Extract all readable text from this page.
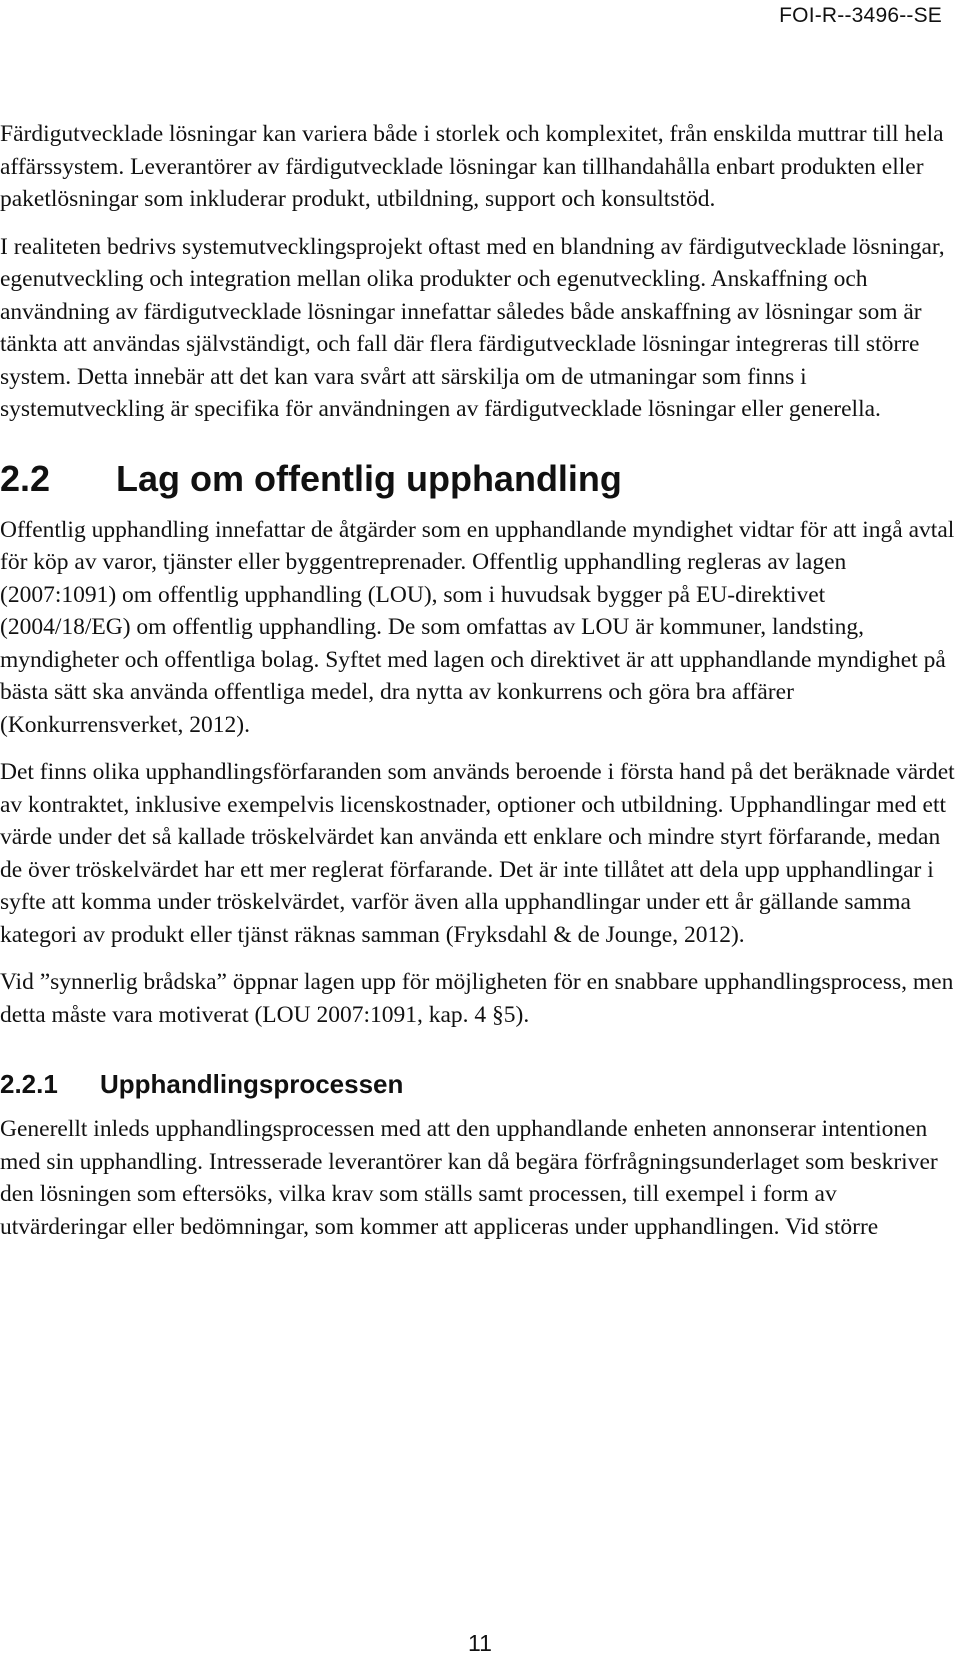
FOI-R--3496--SE

Färdigutvecklade lösningar kan variera både i storlek och komplexitet, från enskilda muttrar till hela affärssystem. Leverantörer av färdigutvecklade lösningar kan tillhandahålla enbart produkten eller paketlösningar som inkluderar produkt, utbildning, support och konsultstöd.

I realiteten bedrivs systemutvecklingsprojekt oftast med en blandning av färdigutvecklade lösningar, egenutveckling och integration mellan olika produkter och egenutveckling. Anskaffning och användning av färdigutvecklade lösningar innefattar således både anskaffning av lösningar som är tänkta att användas självständigt, och fall där flera färdigutvecklade lösningar integreras till större system. Detta innebär att det kan vara svårt att särskilja om de utmaningar som finns i systemutveckling är specifika för användningen av färdigutvecklade lösningar eller generella.

2.2	Lag om offentlig upphandling

Offentlig upphandling innefattar de åtgärder som en upphandlande myndighet vidtar för att ingå avtal för köp av varor, tjänster eller byggentreprenader. Offentlig upphandling regleras av lagen (2007:1091) om offentlig upphandling (LOU), som i huvudsak bygger på EU-direktivet (2004/18/EG) om offentlig upphandling. De som omfattas av LOU är kommuner, landsting, myndigheter och offentliga bolag. Syftet med lagen och direktivet är att upphandlande myndighet på bästa sätt ska använda offentliga medel, dra nytta av konkurrens och göra bra affärer (Konkurrensverket, 2012).

Det finns olika upphandlingsförfaranden som används beroende i första hand på det beräknade värdet av kontraktet, inklusive exempelvis licenskostnader, optioner och utbildning. Upphandlingar med ett värde under det så kallade tröskelvärdet kan använda ett enklare och mindre styrt förfarande, medan de över tröskelvärdet har ett mer reglerat förfarande. Det är inte tillåtet att dela upp upphandlingar i syfte att komma under tröskelvärdet, varför även alla upphandlingar under ett år gällande samma kategori av produkt eller tjänst räknas samman (Fryksdahl & de Jounge, 2012).

Vid ”synnerlig brådska” öppnar lagen upp för möjligheten för en snabbare upphandlingsprocess, men detta måste vara motiverat (LOU 2007:1091, kap. 4 §5).

2.2.1	Upphandlingsprocessen

Generellt inleds upphandlingsprocessen med att den upphandlande enheten annonserar intentionen med sin upphandling. Intresserade leverantörer kan då begära förfrågningsunderlaget som beskriver den lösningen som eftersöks, vilka krav som ställs samt processen, till exempel i form av utvärderingar eller bedömningar, som kommer att appliceras under upphandlingen. Vid större

11
